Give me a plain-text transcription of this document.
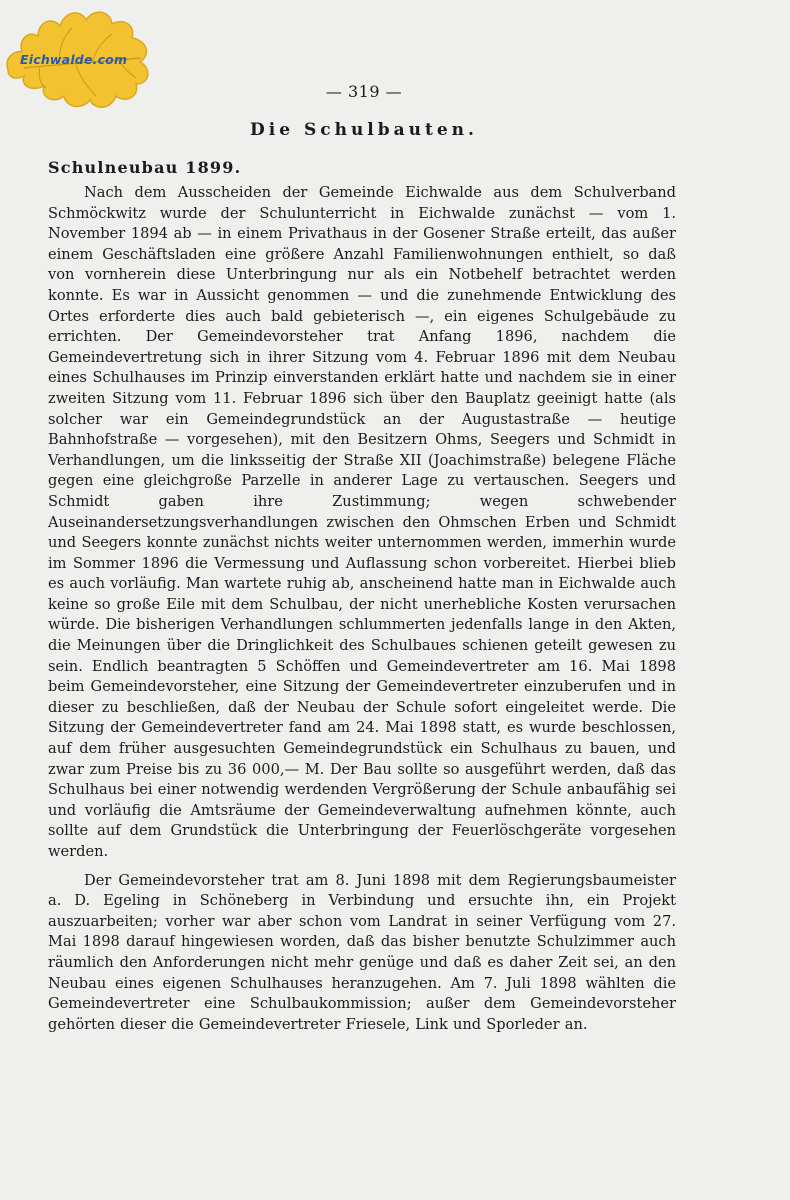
Eichwalde.com
— 319 —
Die Schulbauten.
Schulneubau 1899.

Nach dem Ausscheiden der Gemeinde Eichwalde aus dem Schulverband Schmöckwitz wurde der Schulunterricht in Eichwalde zunächst — vom 1. November 1894 ab — in einem Privathaus in der Gosener Straße erteilt, das außer einem Geschäftsladen eine größere Anzahl Familienwohnungen enthielt, so daß von vornherein diese Unterbringung nur als ein Notbehelf betrachtet werden konnte. Es war in Aussicht genommen — und die zunehmende Entwicklung des Ortes erforderte dies auch bald gebieterisch —, ein eigenes Schulgebäude zu errichten. Der Gemeindevorsteher trat Anfang 1896, nachdem die Gemeindevertretung sich in ihrer Sitzung vom 4. Februar 1896 mit dem Neubau eines Schulhauses im Prinzip einverstanden erklärt hatte und nachdem sie in einer zweiten Sitzung vom 11. Februar 1896 sich über den Bauplatz geeinigt hatte (als solcher war ein Gemeindegrundstück an der Augustastraße — heutige Bahnhofstraße — vorgesehen), mit den Besitzern Ohms, Seegers und Schmidt in Verhandlungen, um die linksseitig der Straße XII (Joachimstraße) belegene Fläche gegen eine gleichgroße Parzelle in anderer Lage zu vertauschen. Seegers und Schmidt gaben ihre Zustimmung; wegen schwebender Auseinandersetzungsverhandlungen zwischen den Ohmschen Erben und Schmidt und Seegers konnte zunächst nichts weiter unternommen werden, immerhin wurde im Sommer 1896 die Vermessung und Auflassung schon vorbereitet. Hierbei blieb es auch vorläufig. Man wartete ruhig ab, anscheinend hatte man in Eichwalde auch keine so große Eile mit dem Schulbau, der nicht unerhebliche Kosten verursachen würde. Die bisherigen Verhandlungen schlummerten jedenfalls lange in den Akten, die Meinungen über die Dringlichkeit des Schulbaues schienen geteilt gewesen zu sein. Endlich beantragten 5 Schöffen und Gemeindevertreter am 16. Mai 1898 beim Gemeindevorsteher, eine Sitzung der Gemeindevertreter einzuberufen und in dieser zu beschließen, daß der Neubau der Schule sofort eingeleitet werde. Die Sitzung der Gemeindevertreter fand am 24. Mai 1898 statt, es wurde beschlossen, auf dem früher ausgesuchten Gemeindegrundstück ein Schulhaus zu bauen, und zwar zum Preise bis zu 36 000,— M. Der Bau sollte so ausgeführt werden, daß das Schulhaus bei einer notwendig werdenden Vergrößerung der Schule anbaufähig sei und vorläufig die Amtsräume der Gemeindeverwaltung aufnehmen könnte, auch sollte auf dem Grundstück die Unterbringung der Feuerlöschgeräte vorgesehen werden.

Der Gemeindevorsteher trat am 8. Juni 1898 mit dem Regierungsbaumeister a. D. Egeling in Schöneberg in Verbindung und ersuchte ihn, ein Projekt auszuarbeiten; vorher war aber schon vom Landrat in seiner Verfügung vom 27. Mai 1898 darauf hingewiesen worden, daß das bisher benutzte Schulzimmer auch räumlich den Anforderungen nicht mehr genüge und daß es daher Zeit sei, an den Neubau eines eigenen Schulhauses heranzugehen. Am 7. Juli 1898 wählten die Gemeindevertreter eine Schulbaukommission; außer dem Gemeindevorsteher gehörten dieser die Gemeindevertreter Friesele, Link und Sporleder an.
